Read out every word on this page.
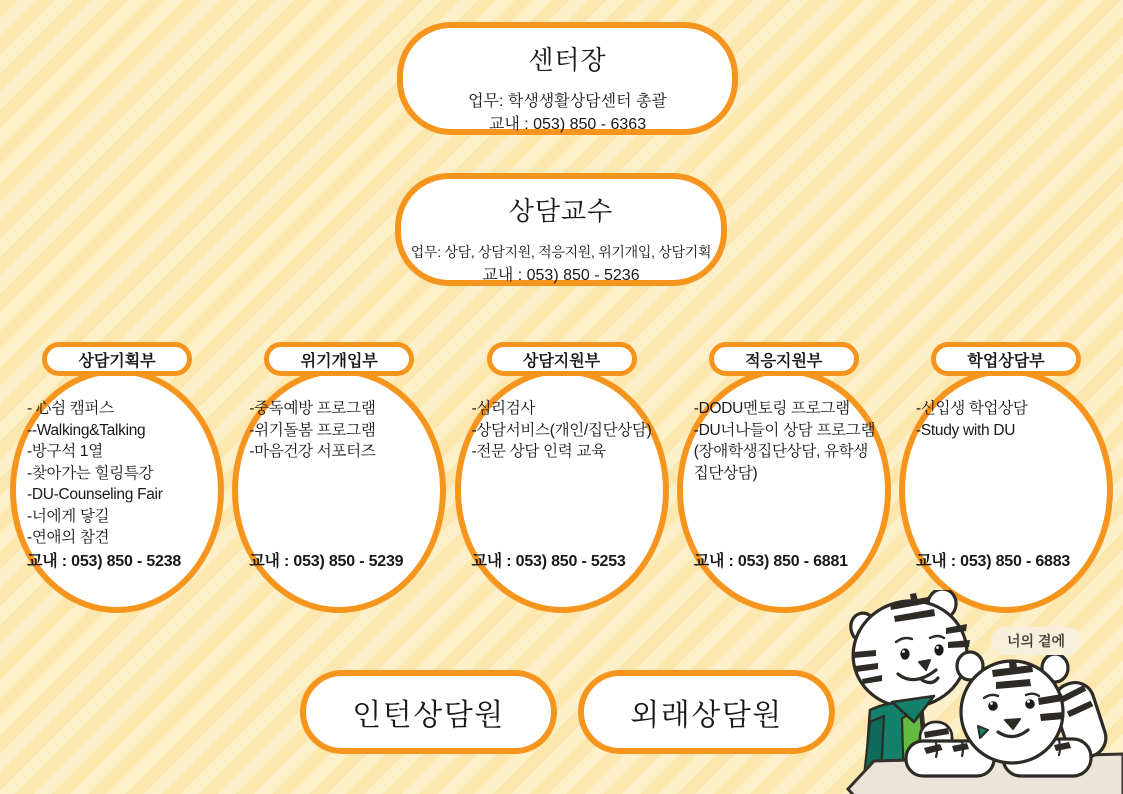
센터장
업무: 학생생활상담센터 총괄
교내 : 053) 850 - 6363
상담교수
업무: 상담, 상담지원, 적응지원, 위기개입, 상담기획
교내 : 053) 850 - 5236
상담기획부
- 心쉼 캠퍼스
--Walking&Talking
-방구석 1열
-찾아가는 힐링특강
-DU-Counseling Fair
-너에게 닿길
-연애의 참견
교내 : 053) 850 - 5238
위기개입부
-중독예방 프로그램
-위기돌봄 프로그램
-마음건강 서포터즈
교내 : 053) 850 - 5239
상담지원부
-심리검사
-상담서비스(개인/집단상담)
-전문 상담 인력 교육
교내 : 053) 850 - 5253
적응지원부
-DODU멘토링 프로그램
-DU너나들이 상담 프로그램
(장애학생집단상담, 유학생
집단상담)
교내 : 053) 850 - 6881
학업상담부
-신입생 학업상담
-Study with DU
교내 : 053) 850 - 6883
인턴상담원	외래상담원
너의 곁에
